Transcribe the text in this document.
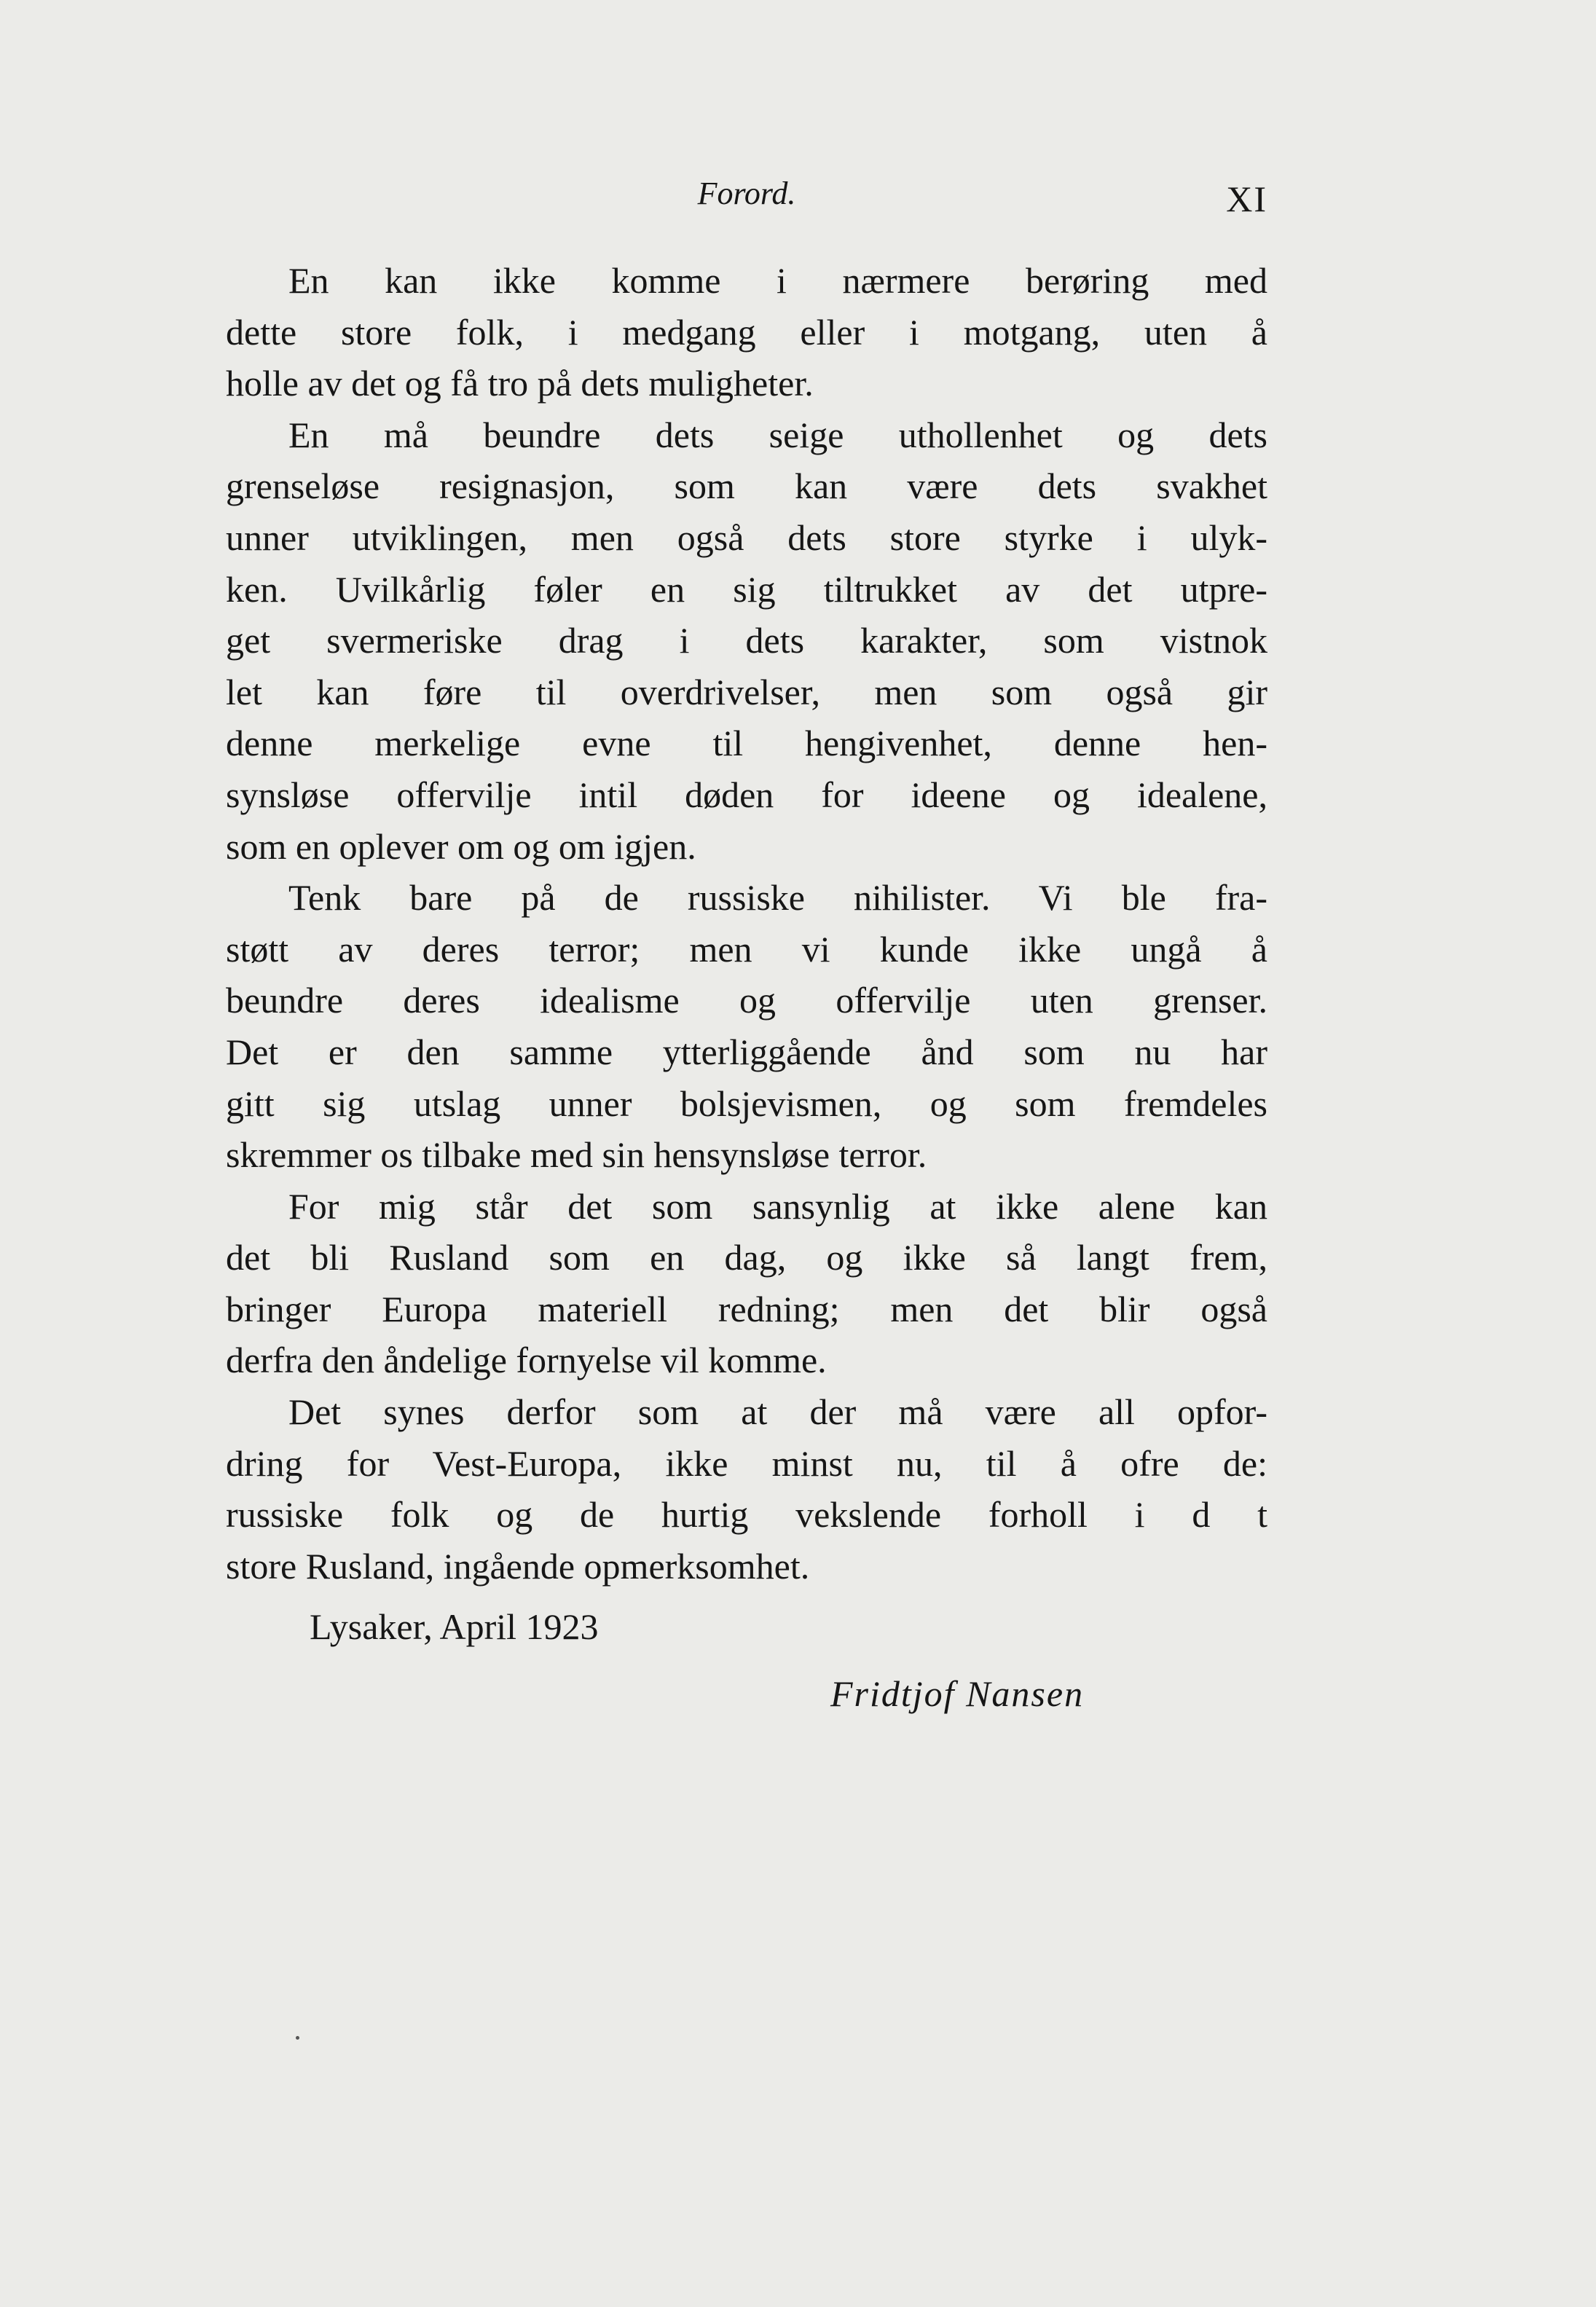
Forord.	XI
En kan ikke komme i nærmere berøring med
dette store folk, i medgang eller i motgang, uten å
holle av det og få tro på dets muligheter.
En må beundre dets seige uthollenhet og dets
grenseløse resignasjon, som kan være dets svakhet
unner utviklingen, men også dets store styrke i ulyk-
ken. Uvilkårlig føler en sig tiltrukket av det utpre-
get svermeriske drag i dets karakter, som vistnok
let kan føre til overdrivelser, men som også gir
denne merkelige evne til hengivenhet, denne hen-
synsløse offervilje intil døden for ideene og idealene,
som en oplever om og om igjen.
Tenk bare på de russiske nihilister. Vi ble fra-
støtt av deres terror; men vi kunde ikke ungå å
beundre deres idealisme og offervilje uten grenser.
Det er den samme ytterliggående ånd som nu har
gitt sig utslag unner bolsjevismen, og som fremdeles
skremmer os tilbake med sin hensynsløse terror.
For mig står det som sansynlig at ikke alene kan
det bli Rusland som en dag, og ikke så langt frem,
bringer Europa materiell redning; men det blir også
derfra den åndelige fornyelse vil komme.
Det synes derfor som at der må være all opfor-
dring for Vest-Europa, ikke minst nu, til å ofre de:
russiske folk og de hurtig vekslende forholl i d t
store Rusland, ingående opmerksomhet.
Lysaker, April 1923
Fridtjof Nansen
